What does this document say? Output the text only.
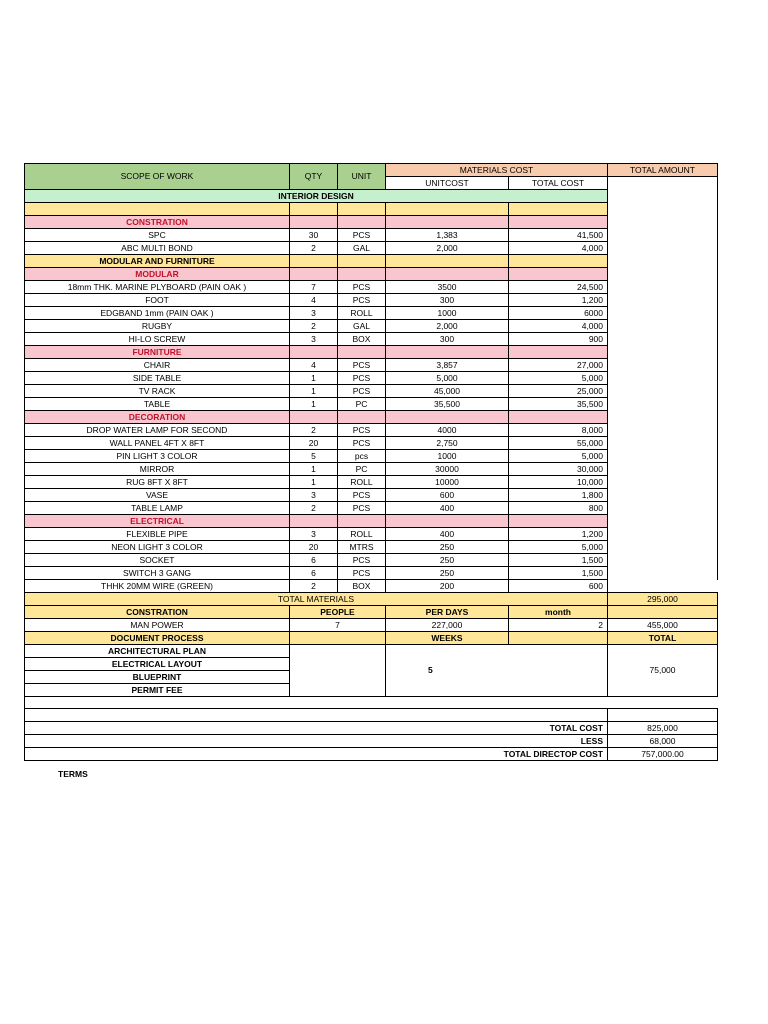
SCOPE OF WORK	QTY	UNIT	MATERIALS COST		TOTAL AMOUNT
			UNITCOST	TOTAL COST	
INTERIOR DESIGN					

CONSTRATION					
SPC	30	PCS	1,383	41,500	
ABC MULTI BOND	2	GAL	2,000	4,000	
MODULAR AND FURNITURE					
MODULAR					
18mm THK. MARINE PLYBOARD (PAIN OAK )	7	PCS	3500	24,500	
FOOT	4	PCS	300	1,200	
EDGBAND 1mm (PAIN OAK )	3	ROLL	1000	6000	
RUGBY	2	GAL	2,000	4,000	
HI-LO SCREW	3	BOX	300	900	
FURNITURE					
CHAIR	4	PCS	3,857	27,000	
SIDE TABLE	1	PCS	5,000	5,000	
TV RACK	1	PCS	45,000	25,000	
TABLE	1	PC	35,500	35,500	
DECORATION					
DROP WATER LAMP FOR SECOND	2	PCS	4000	8,000	
WALL PANEL 4FT X 8FT	20	PCS	2,750	55,000	
PIN LIGHT 3 COLOR	5	pcs	1000	5,000	
MIRROR	1	PC	30000	30,000	
RUG 8FT X 8FT	1	ROLL	10000	10,000	
VASE	3	PCS	600	1,800	
TABLE LAMP	2	PCS	400	800	
ELECTRICAL					
FLEXIBLE PIPE	3	ROLL	400	1,200	
NEON LIGHT 3 COLOR	20	MTRS	250	5,000	
SOCKET	6	PCS	250	1,500	
SWITCH 3 GANG	6	PCS	250	1,500	
THHK 20MM WIRE (GREEN)	2	BOX	200	600	
TOTAL MATERIALS					295,000
CONSTRATION	PEOPLE		PER DAYS	month	
MAN POWER	7		227,000	2	455,000
DOCUMENT PROCESS			WEEKS		TOTAL
ARCHITECTURAL PLAN			5		75,000
ELECTRICAL LAYOUT					
BLUEPRINT					
PERMIT FEE					

TOTAL COST					825,000
LESS					68,000
TOTAL DIRECTOP COST					757,000.00
TERMS
